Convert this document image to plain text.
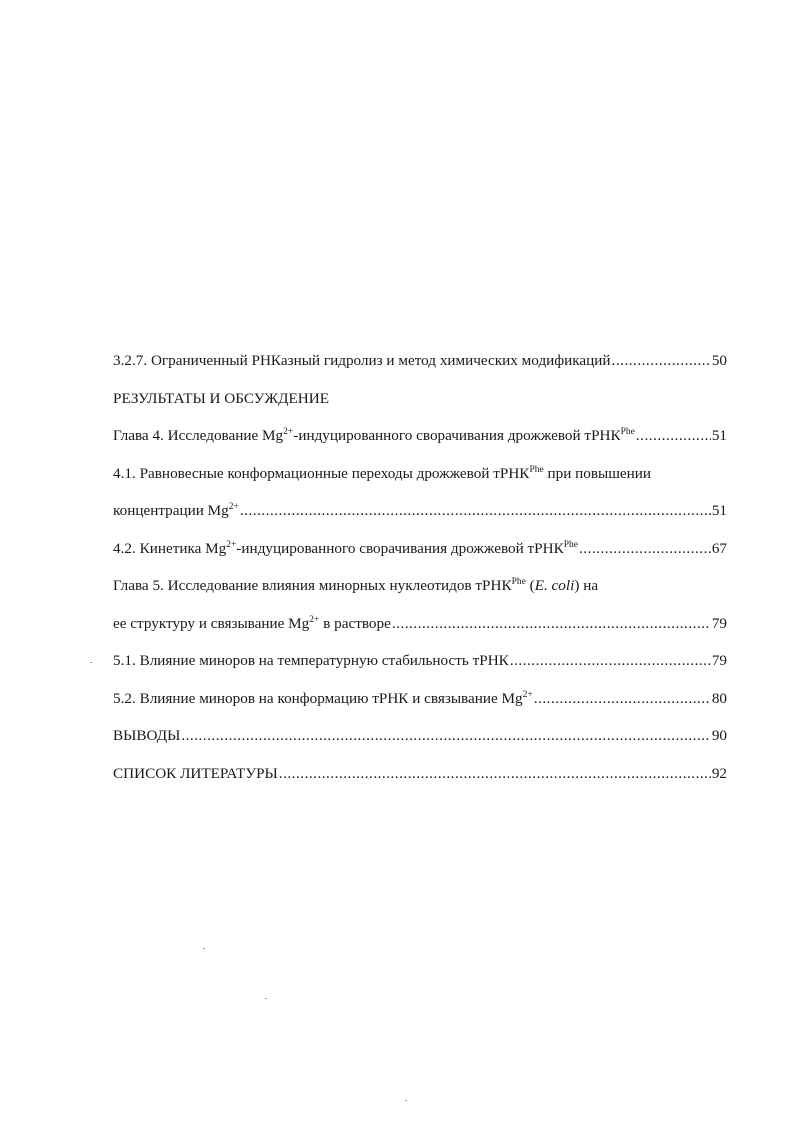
3.2.7. Ограниченный РНКазный гидролиз и метод химических модификаций .....	50
РЕЗУЛЬТАТЫ И ОБСУЖДЕНИЕ
Глава 4. Исследование $Mg^{2+}$-индуцированного сворачивания дрожжевой тРНК$^{Phe}$ .....	51
4.1. Равновесные конформационные переходы дрожжевой тРНК$^{Phe}$ при повышении
концентрации $Mg^{2+}$ .....	51
4.2. Кинетика $Mg^{2+}$-индуцированного сворачивания дрожжевой тРНК$^{Phe}$ .....	67
Глава 5. Исследование влияния минорных нуклеотидов тРНК$^{Phe}$ (E. coli) на
ее структуру и связывание $Mg^{2+}$ в растворе .....	79
5.1. Влияние миноров на температурную стабильность тРНК .....	79
5.2. Влияние миноров на конформацию тРНК и связывание $Mg^{2+}$ .....	80
ВЫВОДЫ .....	90
СПИСОК ЛИТЕРАТУРЫ .....	92
